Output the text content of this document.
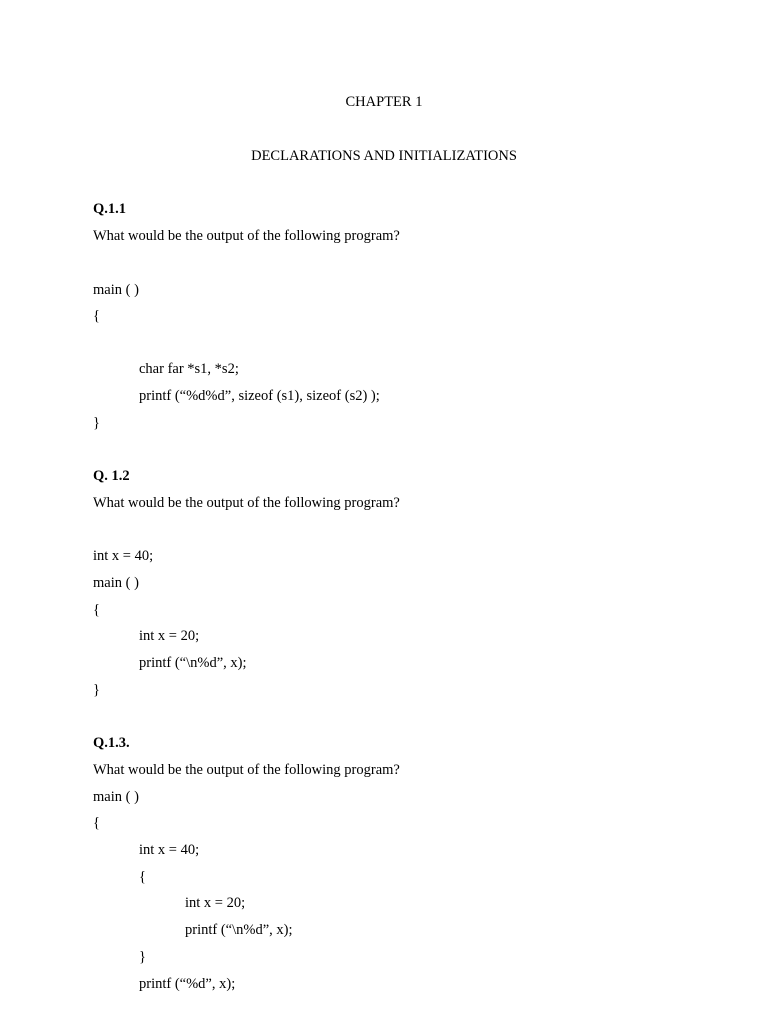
CHAPTER 1
DECLARATIONS AND INITIALIZATIONS
Q.1.1
What would be the output of the following program?
main ( )
{
char far *s1, *s2;
printf (“%d%d”, sizeof (s1), sizeof (s2) );
}
Q. 1.2
What would be the output of the following program?
int x = 40;
main ( )
{
int x = 20;
printf (“\n%d”, x);
}
Q.1.3.
What would be the output of the following program?
main ( )
{
int x = 40;
{
int x = 20;
printf (“\n%d”, x);
}
printf (“%d”, x);
